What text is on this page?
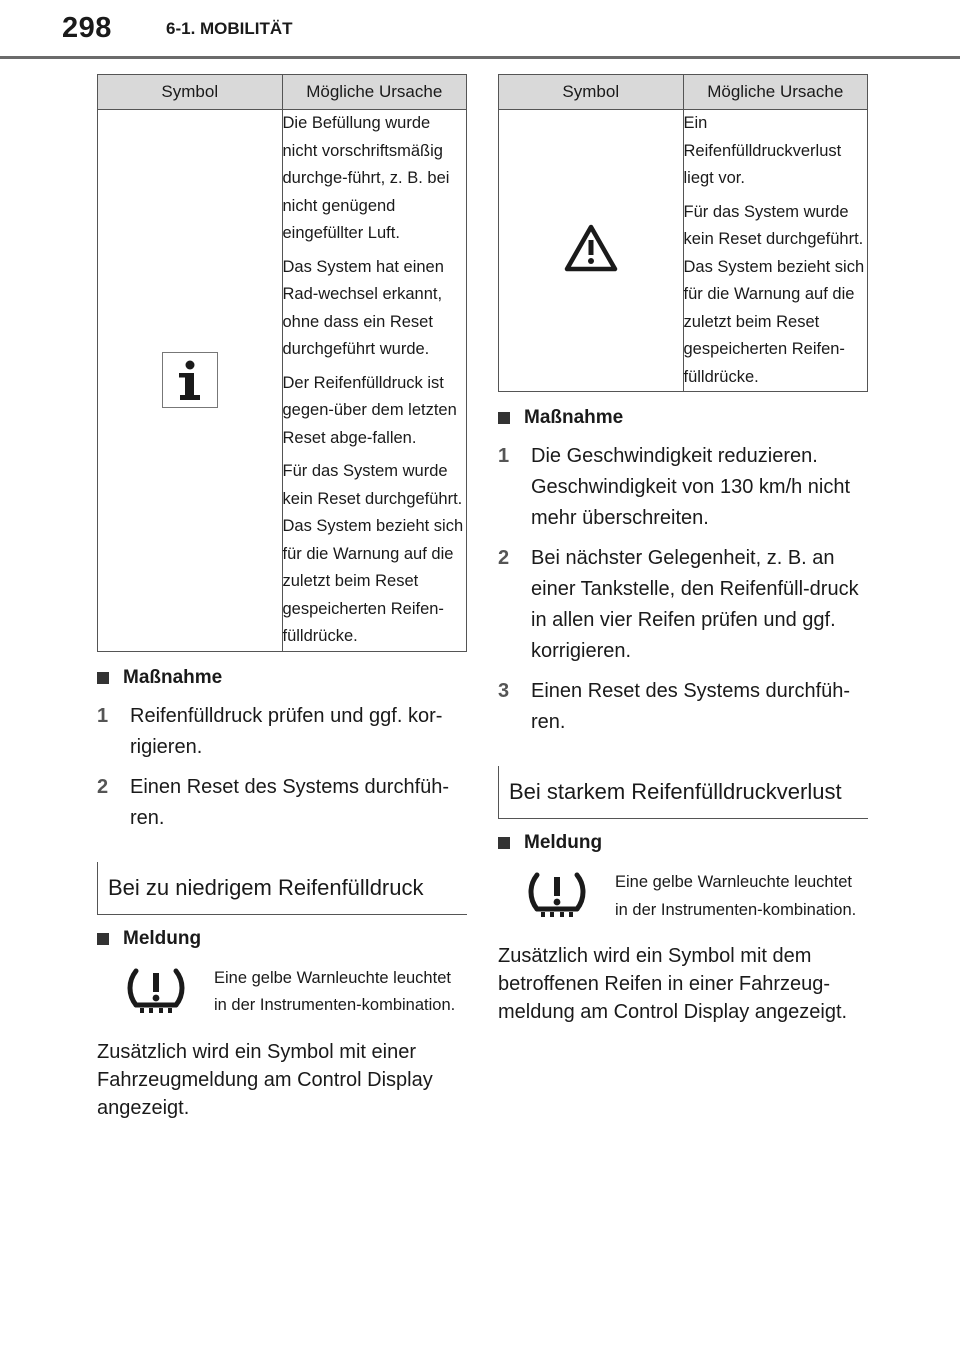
298	6-1. MOBILITÄT
Symbol	Mögliche Ursache

Die Befüllung wurde nicht vorschriftsmäßig durchge-führt, z. B. bei nicht genügend eingefüllter Luft.

Das System hat einen Rad-wechsel erkannt, ohne dass ein Reset durchgeführt wurde.

Der Reifenfülldruck ist gegen-über dem letzten Reset abge-fallen.

Für das System wurde kein Reset durchgeführt. Das System bezieht sich für die Warnung auf die zuletzt beim Reset gespeicherten Reifen-fülldrücke.

Maßnahme
1	Reifenfülldruck prüfen und ggf. kor-rigieren.
2	Einen Reset des Systems durchfüh-ren.
Bei zu niedrigem Reifenfülldruck
Meldung
Eine gelbe Warnleuchte leuchtet in der Instrumenten-kombination.

Zusätzlich wird ein Symbol mit einer Fahrzeugmeldung am Control Display angezeigt.

Symbol	Mögliche Ursache

Ein Reifenfülldruckverlust liegt vor.

Für das System wurde kein Reset durchgeführt. Das System bezieht sich für die Warnung auf die zuletzt beim Reset gespeicherten Reifen-fülldrücke.

Maßnahme
1	Die Geschwindigkeit reduzieren. Geschwindigkeit von 130 km/h nicht mehr überschreiten.
2	Bei nächster Gelegenheit, z. B. an einer Tankstelle, den Reifenfüll-druck in allen vier Reifen prüfen und ggf. korrigieren.
3	Einen Reset des Systems durchfüh-ren.
Bei starkem Reifenfülldruckverlust
Meldung
Eine gelbe Warnleuchte leuchtet in der Instrumenten-kombination.

Zusätzlich wird ein Symbol mit dem betroffenen Reifen in einer Fahrzeug-meldung am Control Display angezeigt.
